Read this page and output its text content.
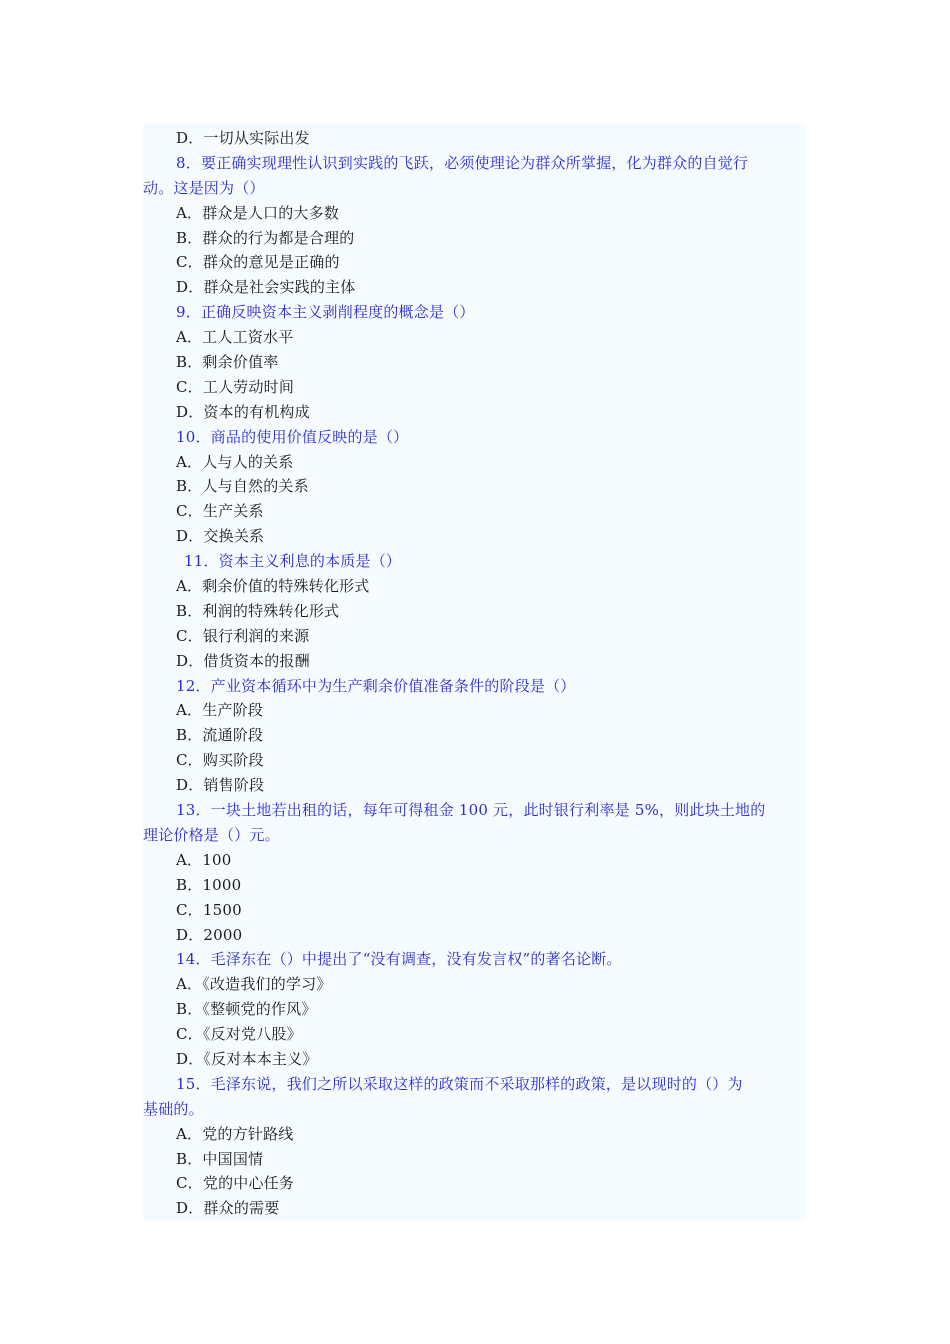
D．一切从实际出发
8．要正确实现理性认识到实践的飞跃，必须使理论为群众所掌握，化为群众的自觉行
动。这是因为（）
A．群众是人口的大多数
B．群众的行为都是合理的
C．群众的意见是正确的
D．群众是社会实践的主体
9．正确反映资本主义剥削程度的概念是（）
A．工人工资水平
B．剩余价值率
C．工人劳动时间
D．资本的有机构成
10．商品的使用价值反映的是（）
A．人与人的关系
B．人与自然的关系
C．生产关系
D．交换关系
11．资本主义利息的本质是（）
A．剩余价值的特殊转化形式
B．利润的特殊转化形式
C．银行利润的来源
D．借货资本的报酬
12．产业资本循环中为生产剩余价值准备条件的阶段是（）
A．生产阶段
B．流通阶段
C．购买阶段
D．销售阶段
13．一块土地若出租的话，每年可得租金 100 元，此时银行利率是 5%，则此块土地的
理论价格是（）元。
A．100
B．1000
C．1500
D．2000
14．毛泽东在（）中提出了“没有调查，没有发言权”的著名论断。
A．《改造我们的学习》
B．《整顿党的作风》
C．《反对党八股》
D．《反对本本主义》
15．毛泽东说，我们之所以采取这样的政策而不采取那样的政策，是以现时的（）为
基础的。
A．党的方针路线
B．中国国情
C．党的中心任务
D．群众的需要
